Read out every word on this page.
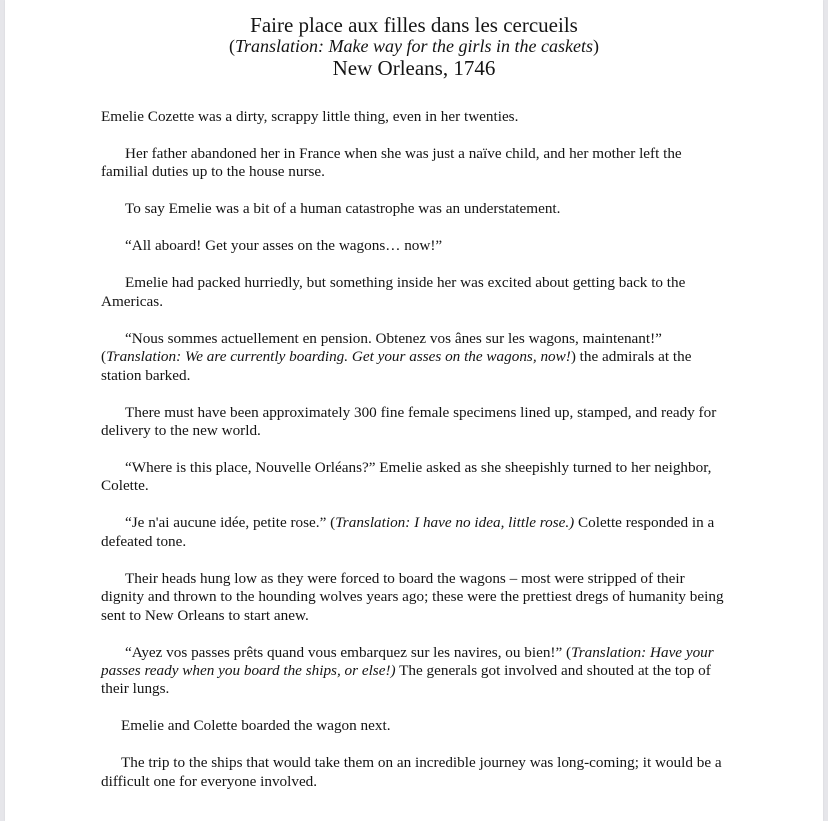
Faire place aux filles dans les cercueils
(Translation: Make way for the girls in the caskets)
New Orleans, 1746

Emelie Cozette was a dirty, scrappy little thing, even in her twenties.

Her father abandoned her in France when she was just a naïve child, and her mother left the familial duties up to the house nurse.

To say Emelie was a bit of a human catastrophe was an understatement.

“All aboard! Get your asses on the wagons… now!”

Emelie had packed hurriedly, but something inside her was excited about getting back to the Americas.

“Nous sommes actuellement en pension. Obtenez vos ânes sur les wagons, maintenant!” (Translation: We are currently boarding. Get your asses on the wagons, now!) the admirals at the station barked.

There must have been approximately 300 fine female specimens lined up, stamped, and ready for delivery to the new world.

“Where is this place, Nouvelle Orléans?” Emelie asked as she sheepishly turned to her neighbor, Colette.

“Je n'ai aucune idée, petite rose.” (Translation: I have no idea, little rose.) Colette responded in a defeated tone.

Their heads hung low as they were forced to board the wagons – most were stripped of their dignity and thrown to the hounding wolves years ago; these were the prettiest dregs of humanity being sent to New Orleans to start anew.

“Ayez vos passes prêts quand vous embarquez sur les navires, ou bien!” (Translation: Have your passes ready when you board the ships, or else!) The generals got involved and shouted at the top of their lungs.

Emelie and Colette boarded the wagon next.

The trip to the ships that would take them on an incredible journey was long-coming; it would be a difficult one for everyone involved.
